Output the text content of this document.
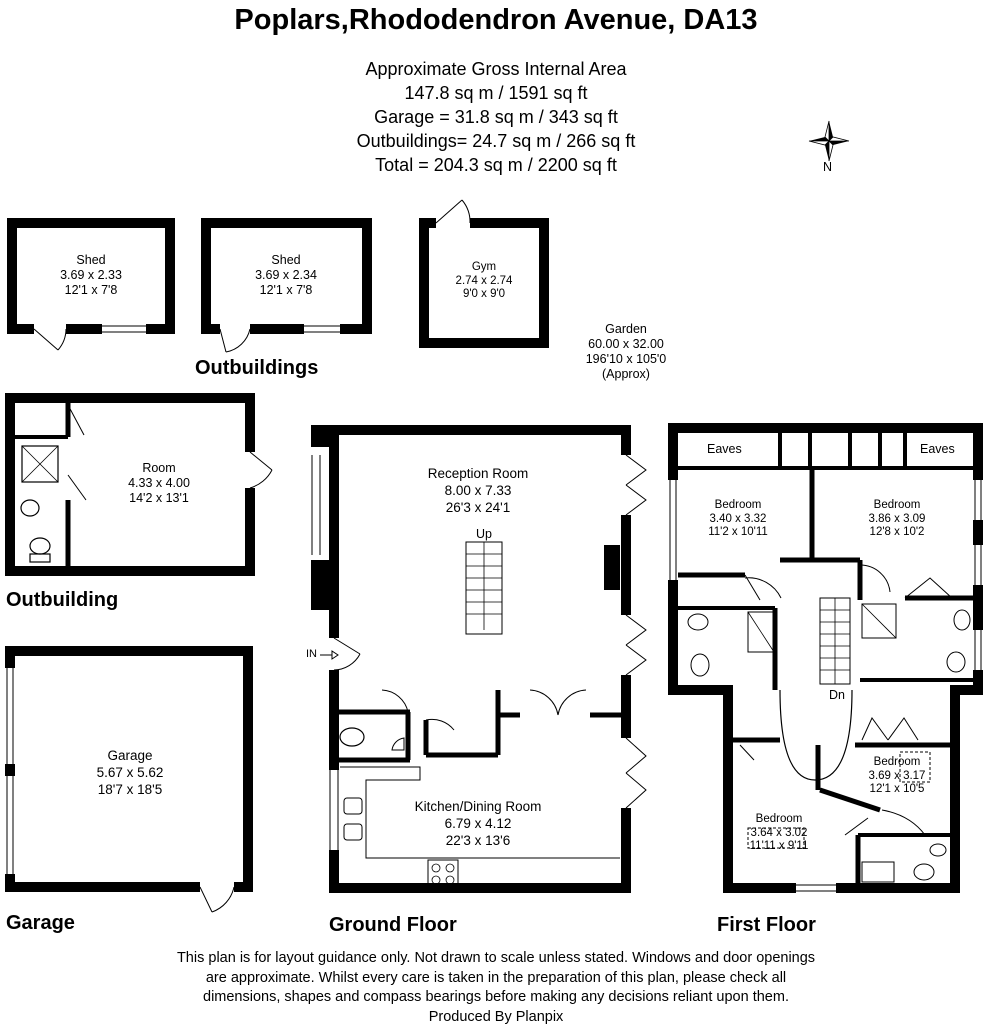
Poplars,Rhododendron Avenue, DA13
Approximate Gross Internal Area
147.8 sq m / 1591 sq ft
Garage = 31.8 sq m / 343 sq ft
Outbuildings= 24.7 sq m / 266 sq ft
Total = 204.3 sq m / 2200 sq ft	N
Outbuildings
Outbuilding
Garage	Ground Floor	First Floor
Shed
3.69 x 2.33
12'1 x 7'8
Shed
3.69 x 2.34
12'1 x 7'8
Gym
2.74 x 2.74
9'0 x 9'0
Garden
60.00 x 32.00
196'10 x 105'0
(Approx)
Room
4.33 x 4.00
14'2 x 13'1
Garage
5.67 x 5.62
18'7 x 18'5
Reception Room
8.00 x 7.33
26'3 x 24'1
Kitchen/Dining Room
6.79 x 4.12
22'3 x 13'6
Bedroom
3.40 x 3.32
11'2 x 10'11
Bedroom
3.86 x 3.09
12'8 x 10'2
Bedroom
3.69 x 3.17
12'1 x 10'5
Bedroom
3.64 x 3.02
11'11 x 9'11
Eaves	Eaves
Up
Dn
IN
This plan is for layout guidance only. Not drawn to scale unless stated. Windows and door openings
are approximate. Whilst every care is taken in the preparation of this plan, please check all
dimensions, shapes and compass bearings before making any decisions reliant upon them.
Produced By Planpix
